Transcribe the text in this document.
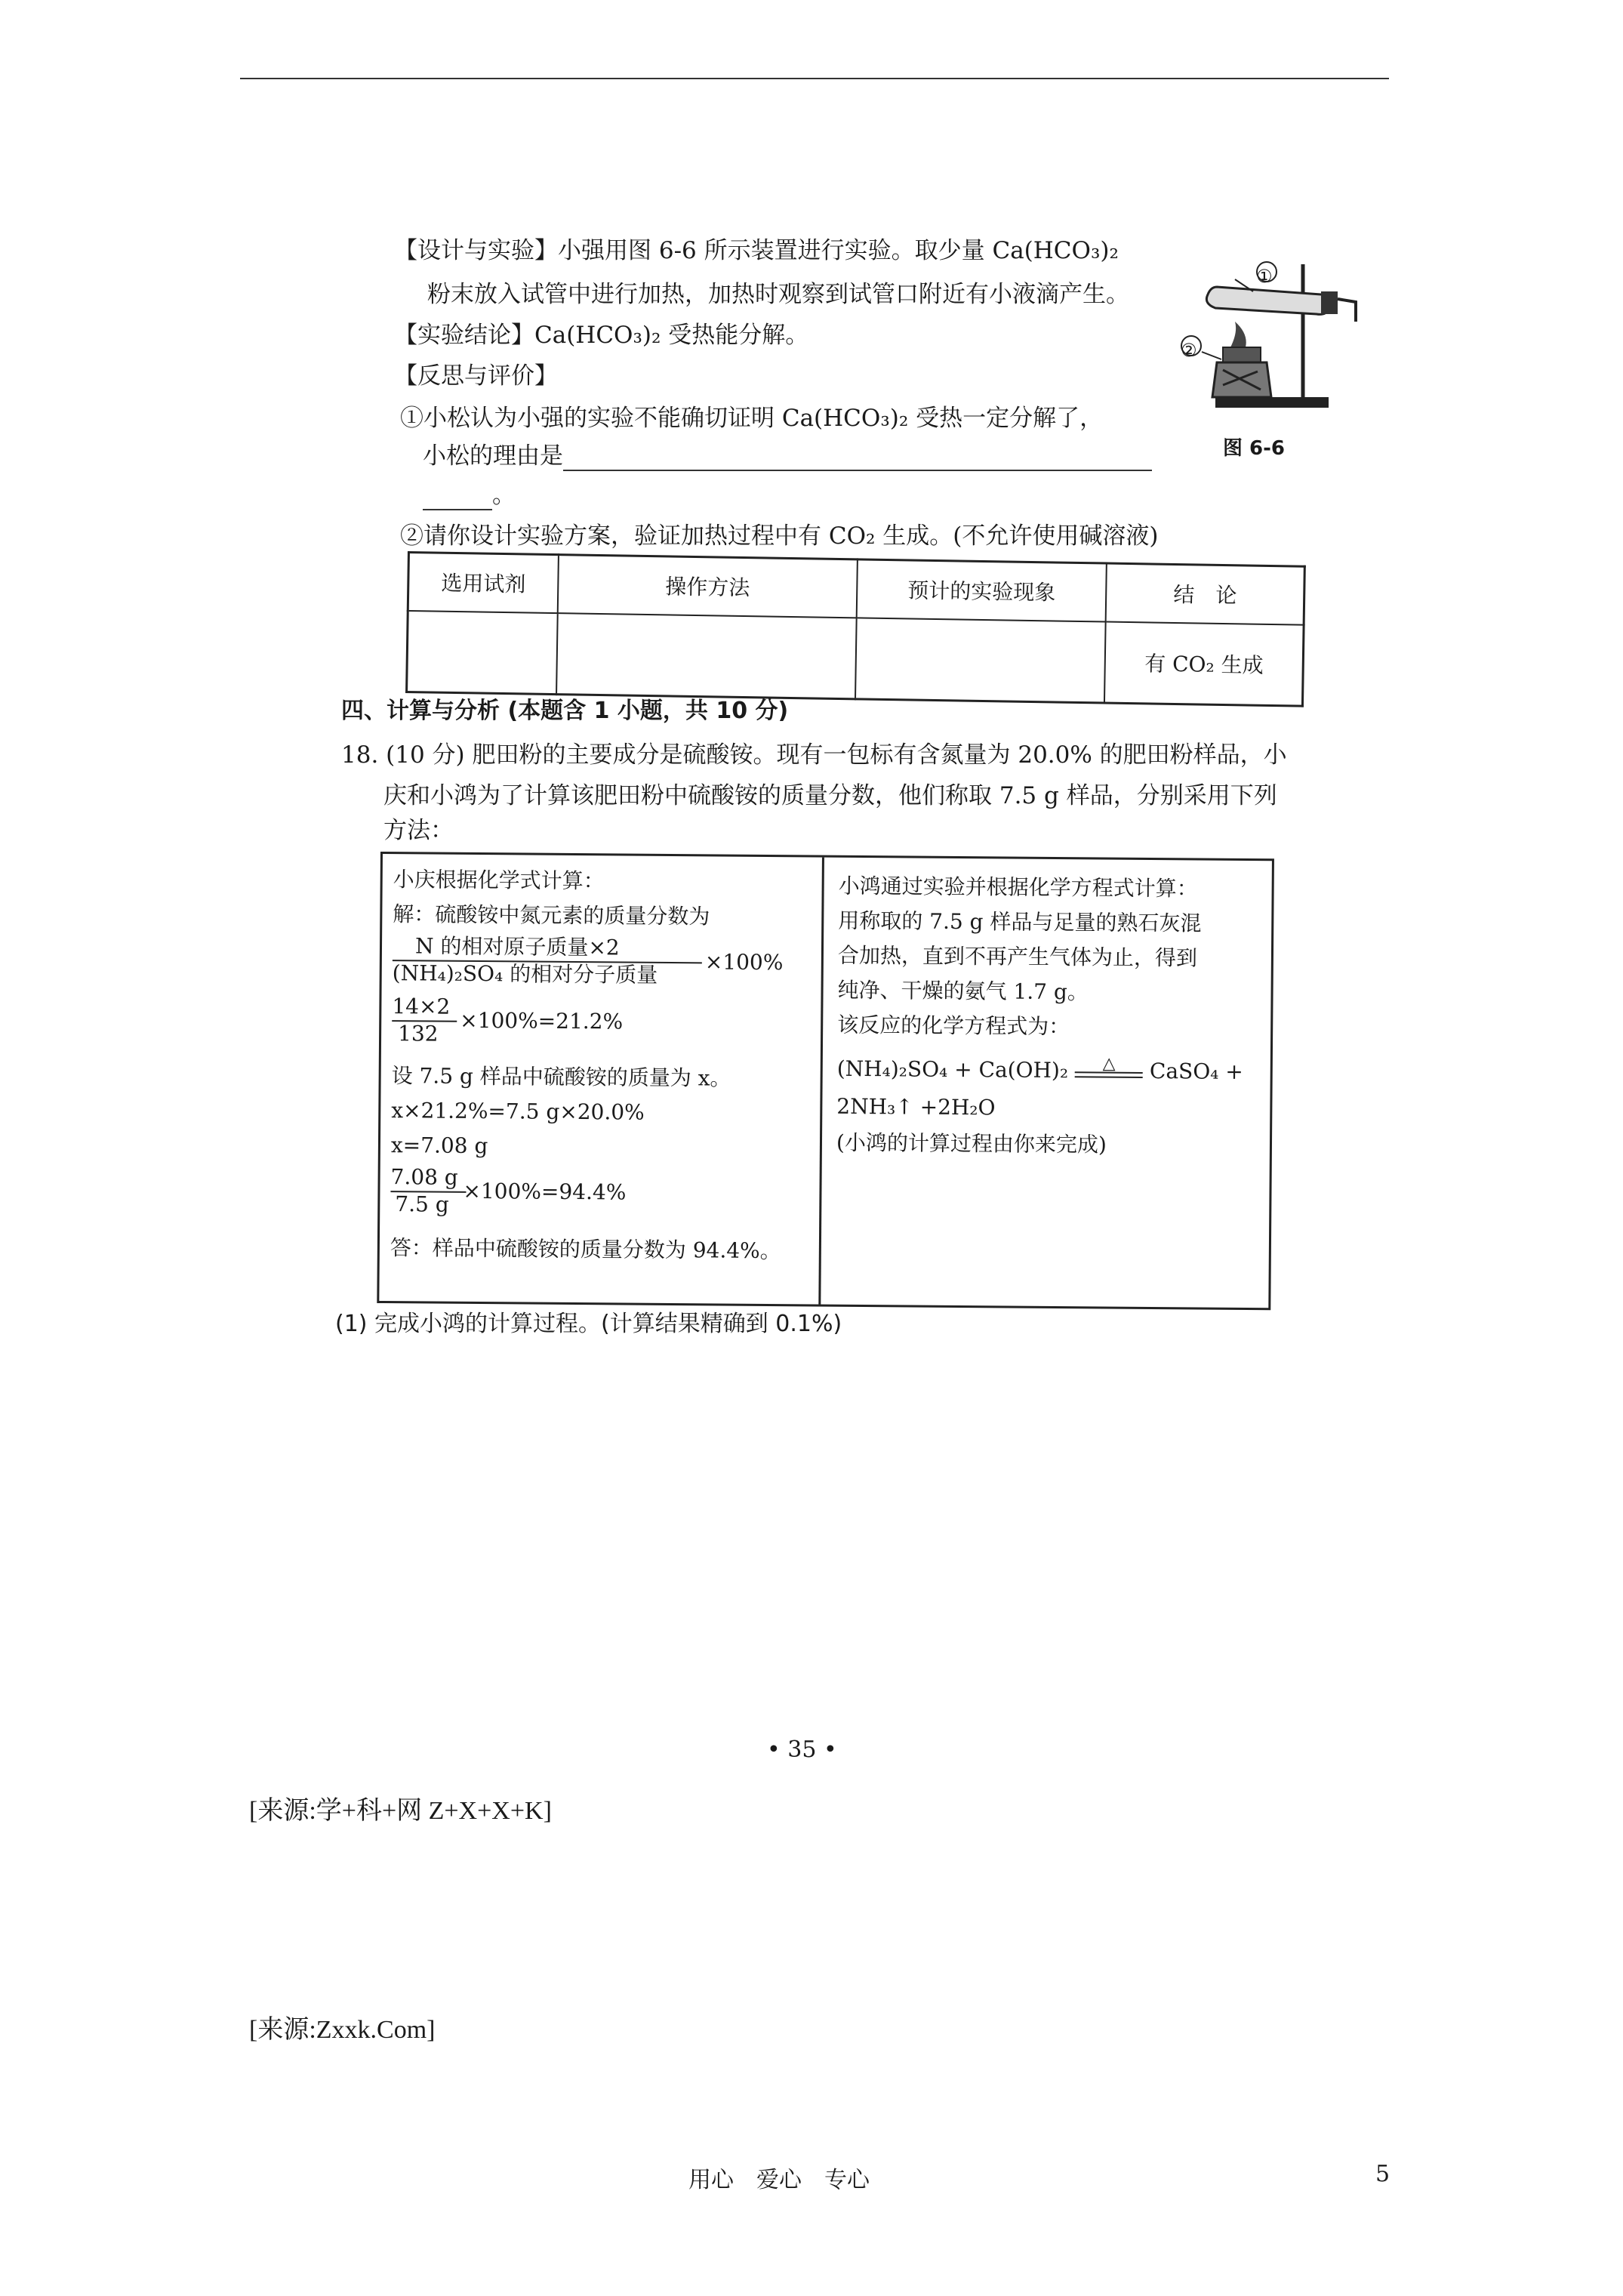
【设计与实验】小强用图 6-6 所示装置进行实验。取少量 Ca(HCO₃)₂
粉末放入试管中进行加热，加热时观察到试管口附近有小液滴产生。
【实验结论】Ca(HCO₃)₂ 受热能分解。
【反思与评价】
①小松认为小强的实验不能确切证明 Ca(HCO₃)₂ 受热一定分解了，
小松的理由是
。
②请你设计实验方案，验证加热过程中有 CO₂ 生成。(不允许使用碱溶液)
①
②
图 6-6
选用试剂	操作方法	预计的实验现象	结　论
			有 CO₂ 生成
四、计算与分析 (本题含 1 小题，共 10 分)
18. (10 分) 肥田粉的主要成分是硫酸铵。现有一包标有含氮量为 20.0% 的肥田粉样品，小
庆和小鸿为了计算该肥田粉中硫酸铵的质量分数，他们称取 7.5 g 样品，分别采用下列
方法：
小庆根据化学式计算：
解：硫酸铵中氮元素的质量分数为
N 的相对原子质量×2
(NH₄)₂SO₄ 的相对分子质量 ×100%
14×2
132 ×100%=21.2%
设 7.5 g 样品中硫酸铵的质量为 x。
x×21.2%=7.5 g×20.0%
x=7.08 g
7.08 g
7.5 g ×100%=94.4%
答：样品中硫酸铵的质量分数为 94.4%。
小鸿通过实验并根据化学方程式计算：
用称取的 7.5 g 样品与足量的熟石灰混
合加热，直到不再产生气体为止，得到
纯净、干燥的氨气 1.7 g。
该反应的化学方程式为：
(NH₄)₂SO₄ + Ca(OH)₂	△	CaSO₄ +
2NH₃↑ +2H₂O
(小鸿的计算过程由你来完成)
(1) 完成小鸿的计算过程。(计算结果精确到 0.1%)
• 35 •
[来源:学+科+网 Z+X+X+K]
[来源:Zxxk.Com]
用心　爱心　专心	5
